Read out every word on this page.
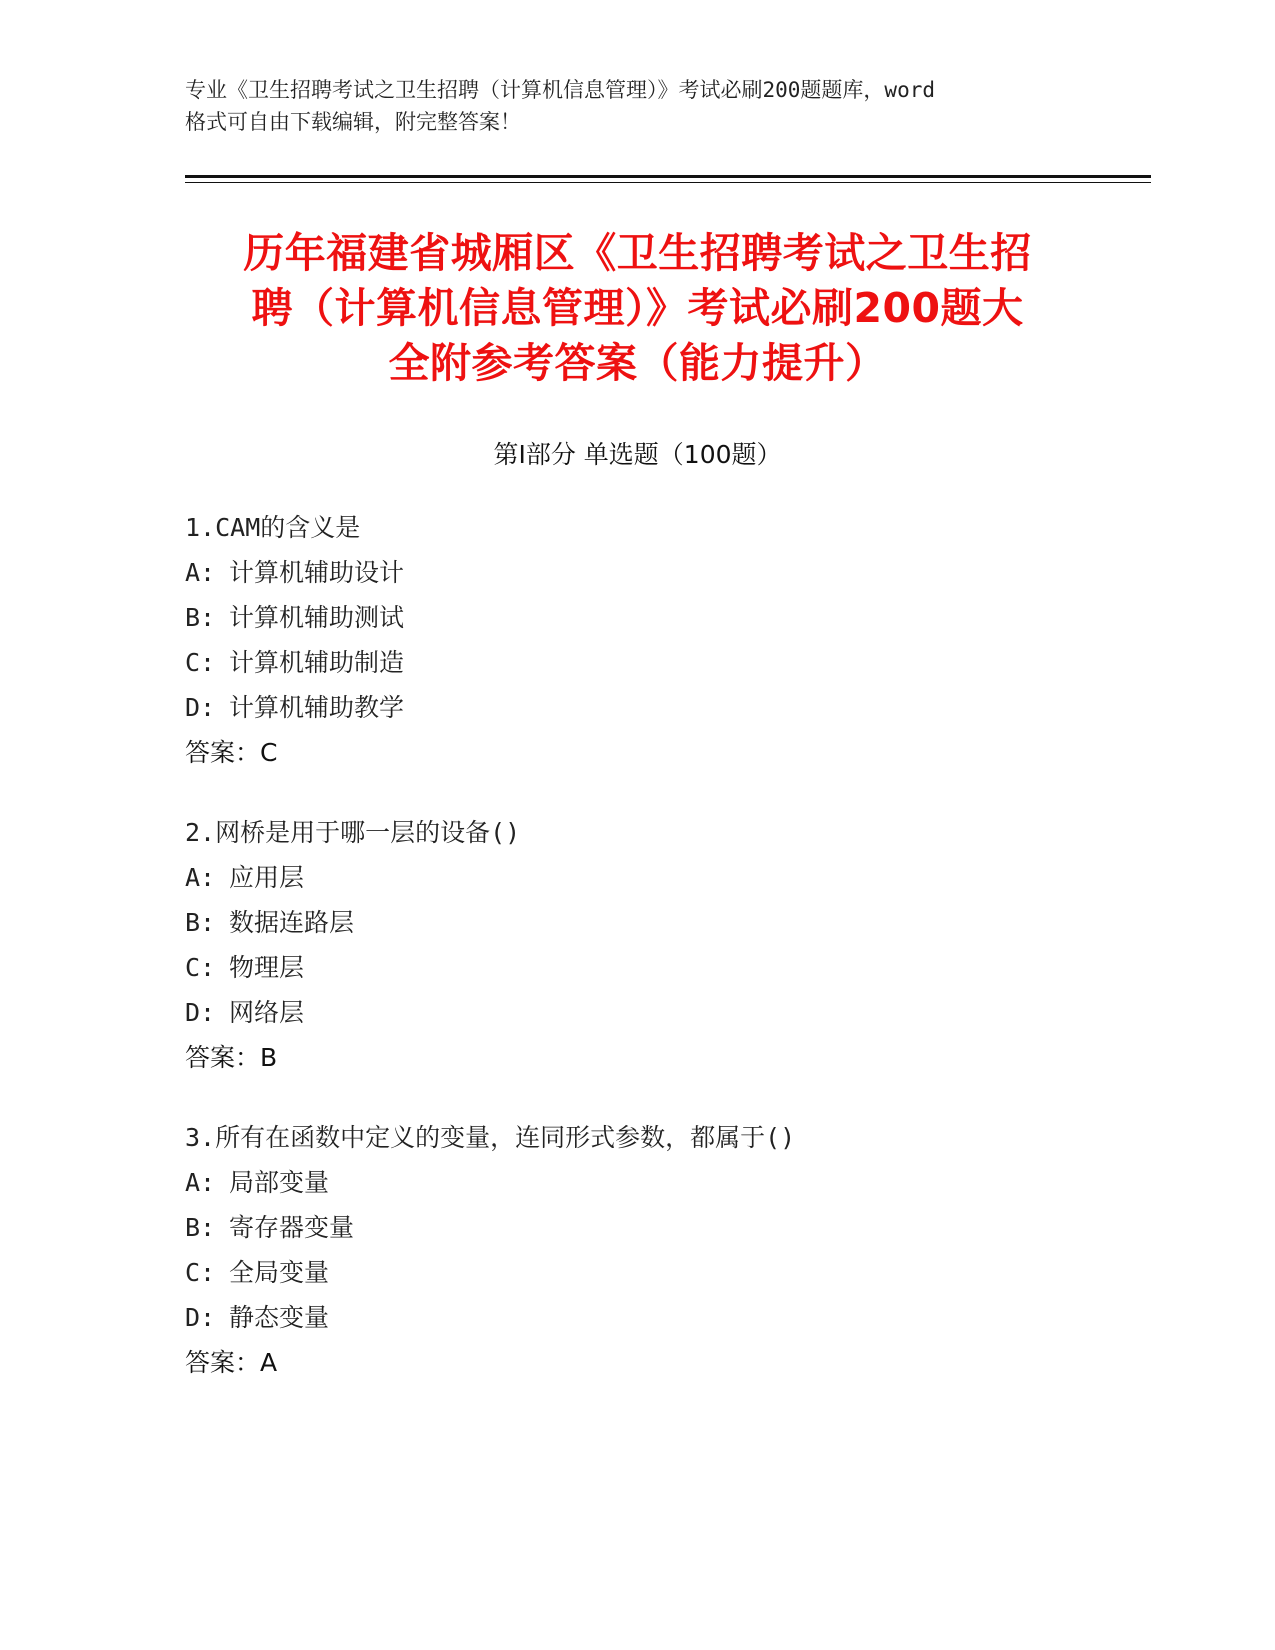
专业《卫生招聘考试之卫生招聘（计算机信息管理）》考试必刷200题题库，word
格式可自由下载编辑，附完整答案！
历年福建省城厢区《卫生招聘考试之卫生招
聘（计算机信息管理）》考试必刷200题大
全附参考答案（能力提升）
第Ⅰ部分 单选题（100题）
1.CAM的含义是
A: 计算机辅助设计
B: 计算机辅助测试
C: 计算机辅助制造
D: 计算机辅助教学
答案：C
2.网桥是用于哪一层的设备()
A: 应用层
B: 数据连路层
C: 物理层
D: 网络层
答案：B
3.所有在函数中定义的变量，连同形式参数，都属于()
A: 局部变量
B: 寄存器变量
C: 全局变量
D: 静态变量
答案：A
